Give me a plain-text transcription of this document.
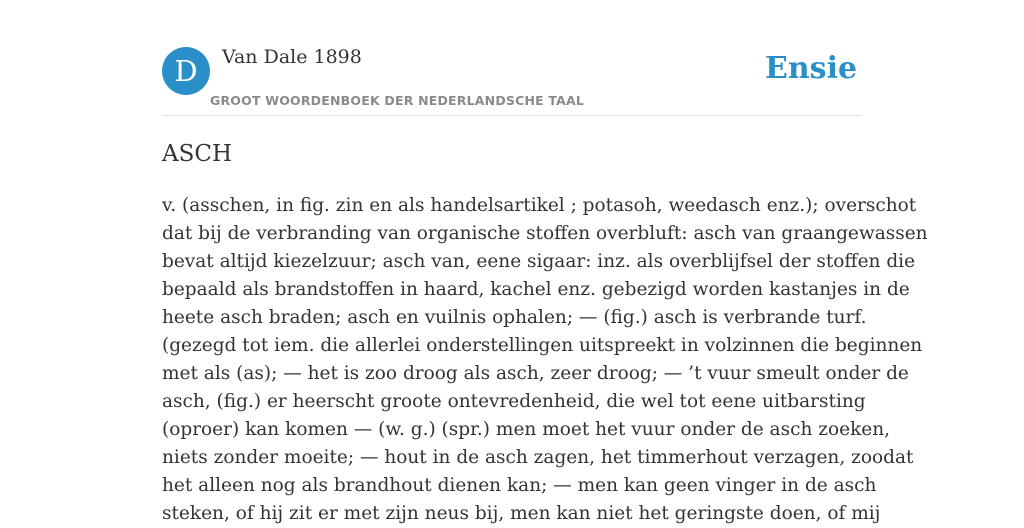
D Van Dale 1898
GROOT WOORDENBOEK DER NEDERLANDSCHE TAAL
Ensie
ASCH
v. (asschen, in fig. zin en als handelsartikel ; potasoh, weedasch enz.); overschot
dat bij de verbranding van organische stoffen overbluft: asch van graangewassen
bevat altijd kiezelzuur; asch van, eene sigaar: inz. als overblijfsel der stoffen die
bepaald als brandstoffen in haard, kachel enz. gebezigd worden kastanjes in de
heete asch braden; asch en vuilnis ophalen; — (fig.) asch is verbrande turf.
(gezegd tot iem. die allerlei onderstellingen uitspreekt in volzinnen die beginnen
met als (as); — het is zoo droog als asch, zeer droog; — ’t vuur smeult onder de
asch, (fig.) er heerscht groote ontevredenheid, die wel tot eene uitbarsting
(oproer) kan komen — (w. g.) (spr.) men moet het vuur onder de asch zoeken,
niets zonder moeite; — hout in de asch zagen, het timmerhout verzagen, zoodat
het alleen nog als brandhout dienen kan; — men kan geen vinger in de asch
steken, of hij zit er met zijn neus bij, men kan niet het geringste doen, of mij
